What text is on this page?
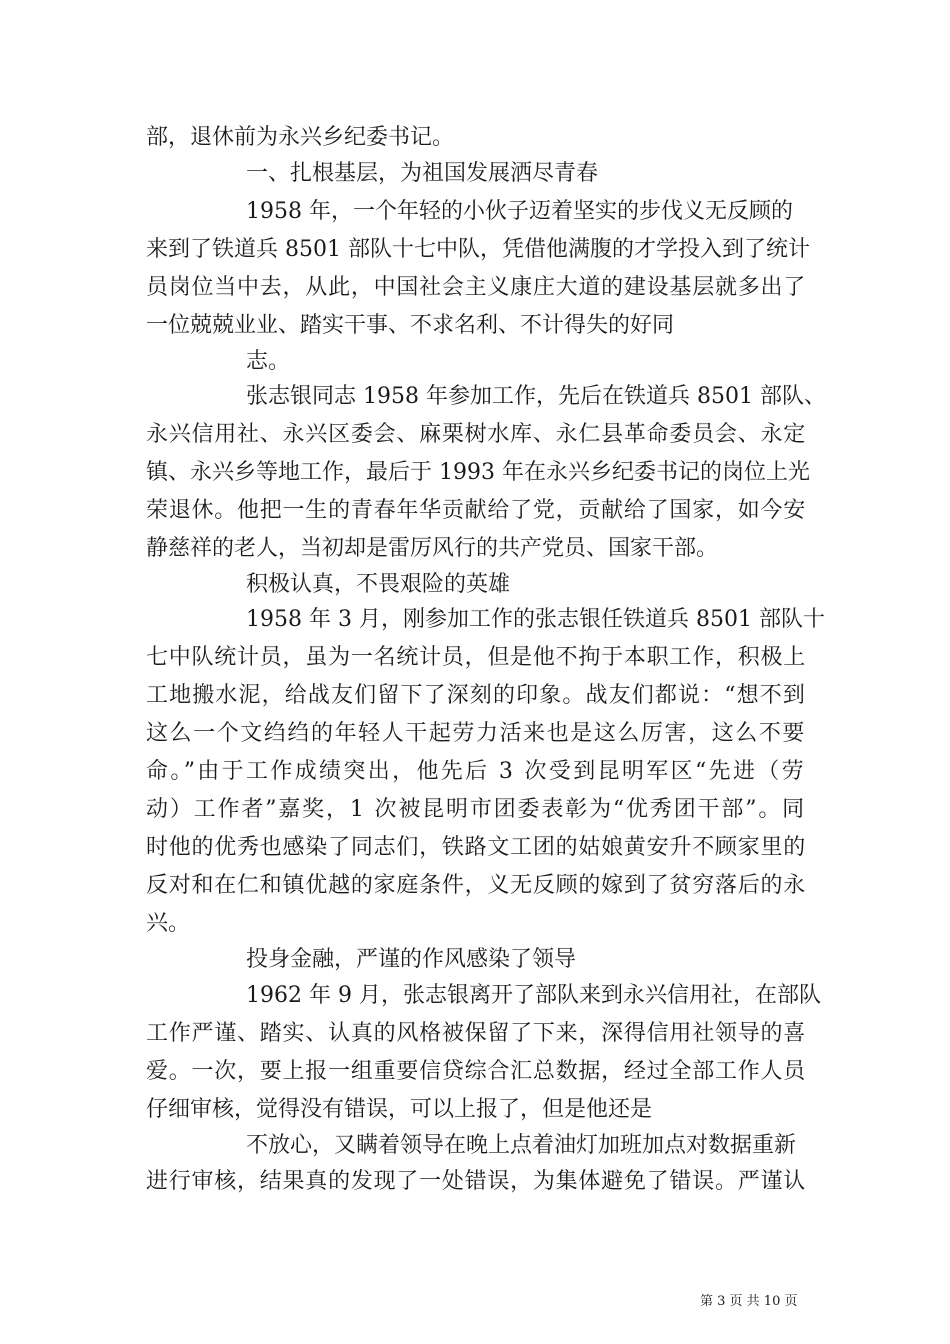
部，退休前为永兴乡纪委书记。
一、扎根基层，为祖国发展洒尽青春
1958 年，一个年轻的小伙子迈着坚实的步伐义无反顾的
来到了铁道兵 8501 部队十七中队，凭借他满腹的才学投入到了统计
员岗位当中去，从此，中国社会主义康庄大道的建设基层就多出了
一位兢兢业业、踏实干事、不求名利、不计得失的好同
志。
张志银同志 1958 年参加工作，先后在铁道兵 8501 部队、
永兴信用社、永兴区委会、麻栗树水库、永仁县革命委员会、永定
镇、永兴乡等地工作，最后于 1993 年在永兴乡纪委书记的岗位上光
荣退休。他把一生的青春年华贡献给了党，贡献给了国家，如今安
静慈祥的老人，当初却是雷厉风行的共产党员、国家干部。
积极认真，不畏艰险的英雄
1958 年 3 月，刚参加工作的张志银任铁道兵 8501 部队十
七中队统计员，虽为一名统计员，但是他不拘于本职工作，积极上
工地搬水泥，给战友们留下了深刻的印象。战友们都说：“想不到
这么一个文绉绉的年轻人干起劳力活来也是这么厉害，这么不要
命。”由于工作成绩突出，他先后 3 次受到昆明军区“先进（劳
动）工作者”嘉奖，1 次被昆明市团委表彰为“优秀团干部”。同
时他的优秀也感染了同志们，铁路文工团的姑娘黄安升不顾家里的
反对和在仁和镇优越的家庭条件，义无反顾的嫁到了贫穷落后的永
兴。
投身金融，严谨的作风感染了领导
1962 年 9 月，张志银离开了部队来到永兴信用社，在部队
工作严谨、踏实、认真的风格被保留了下来，深得信用社领导的喜
爱。一次，要上报一组重要信贷综合汇总数据，经过全部工作人员
仔细审核，觉得没有错误，可以上报了，但是他还是
不放心，又瞒着领导在晚上点着油灯加班加点对数据重新
进行审核，结果真的发现了一处错误，为集体避免了错误。严谨认
第 3 页 共 10 页
